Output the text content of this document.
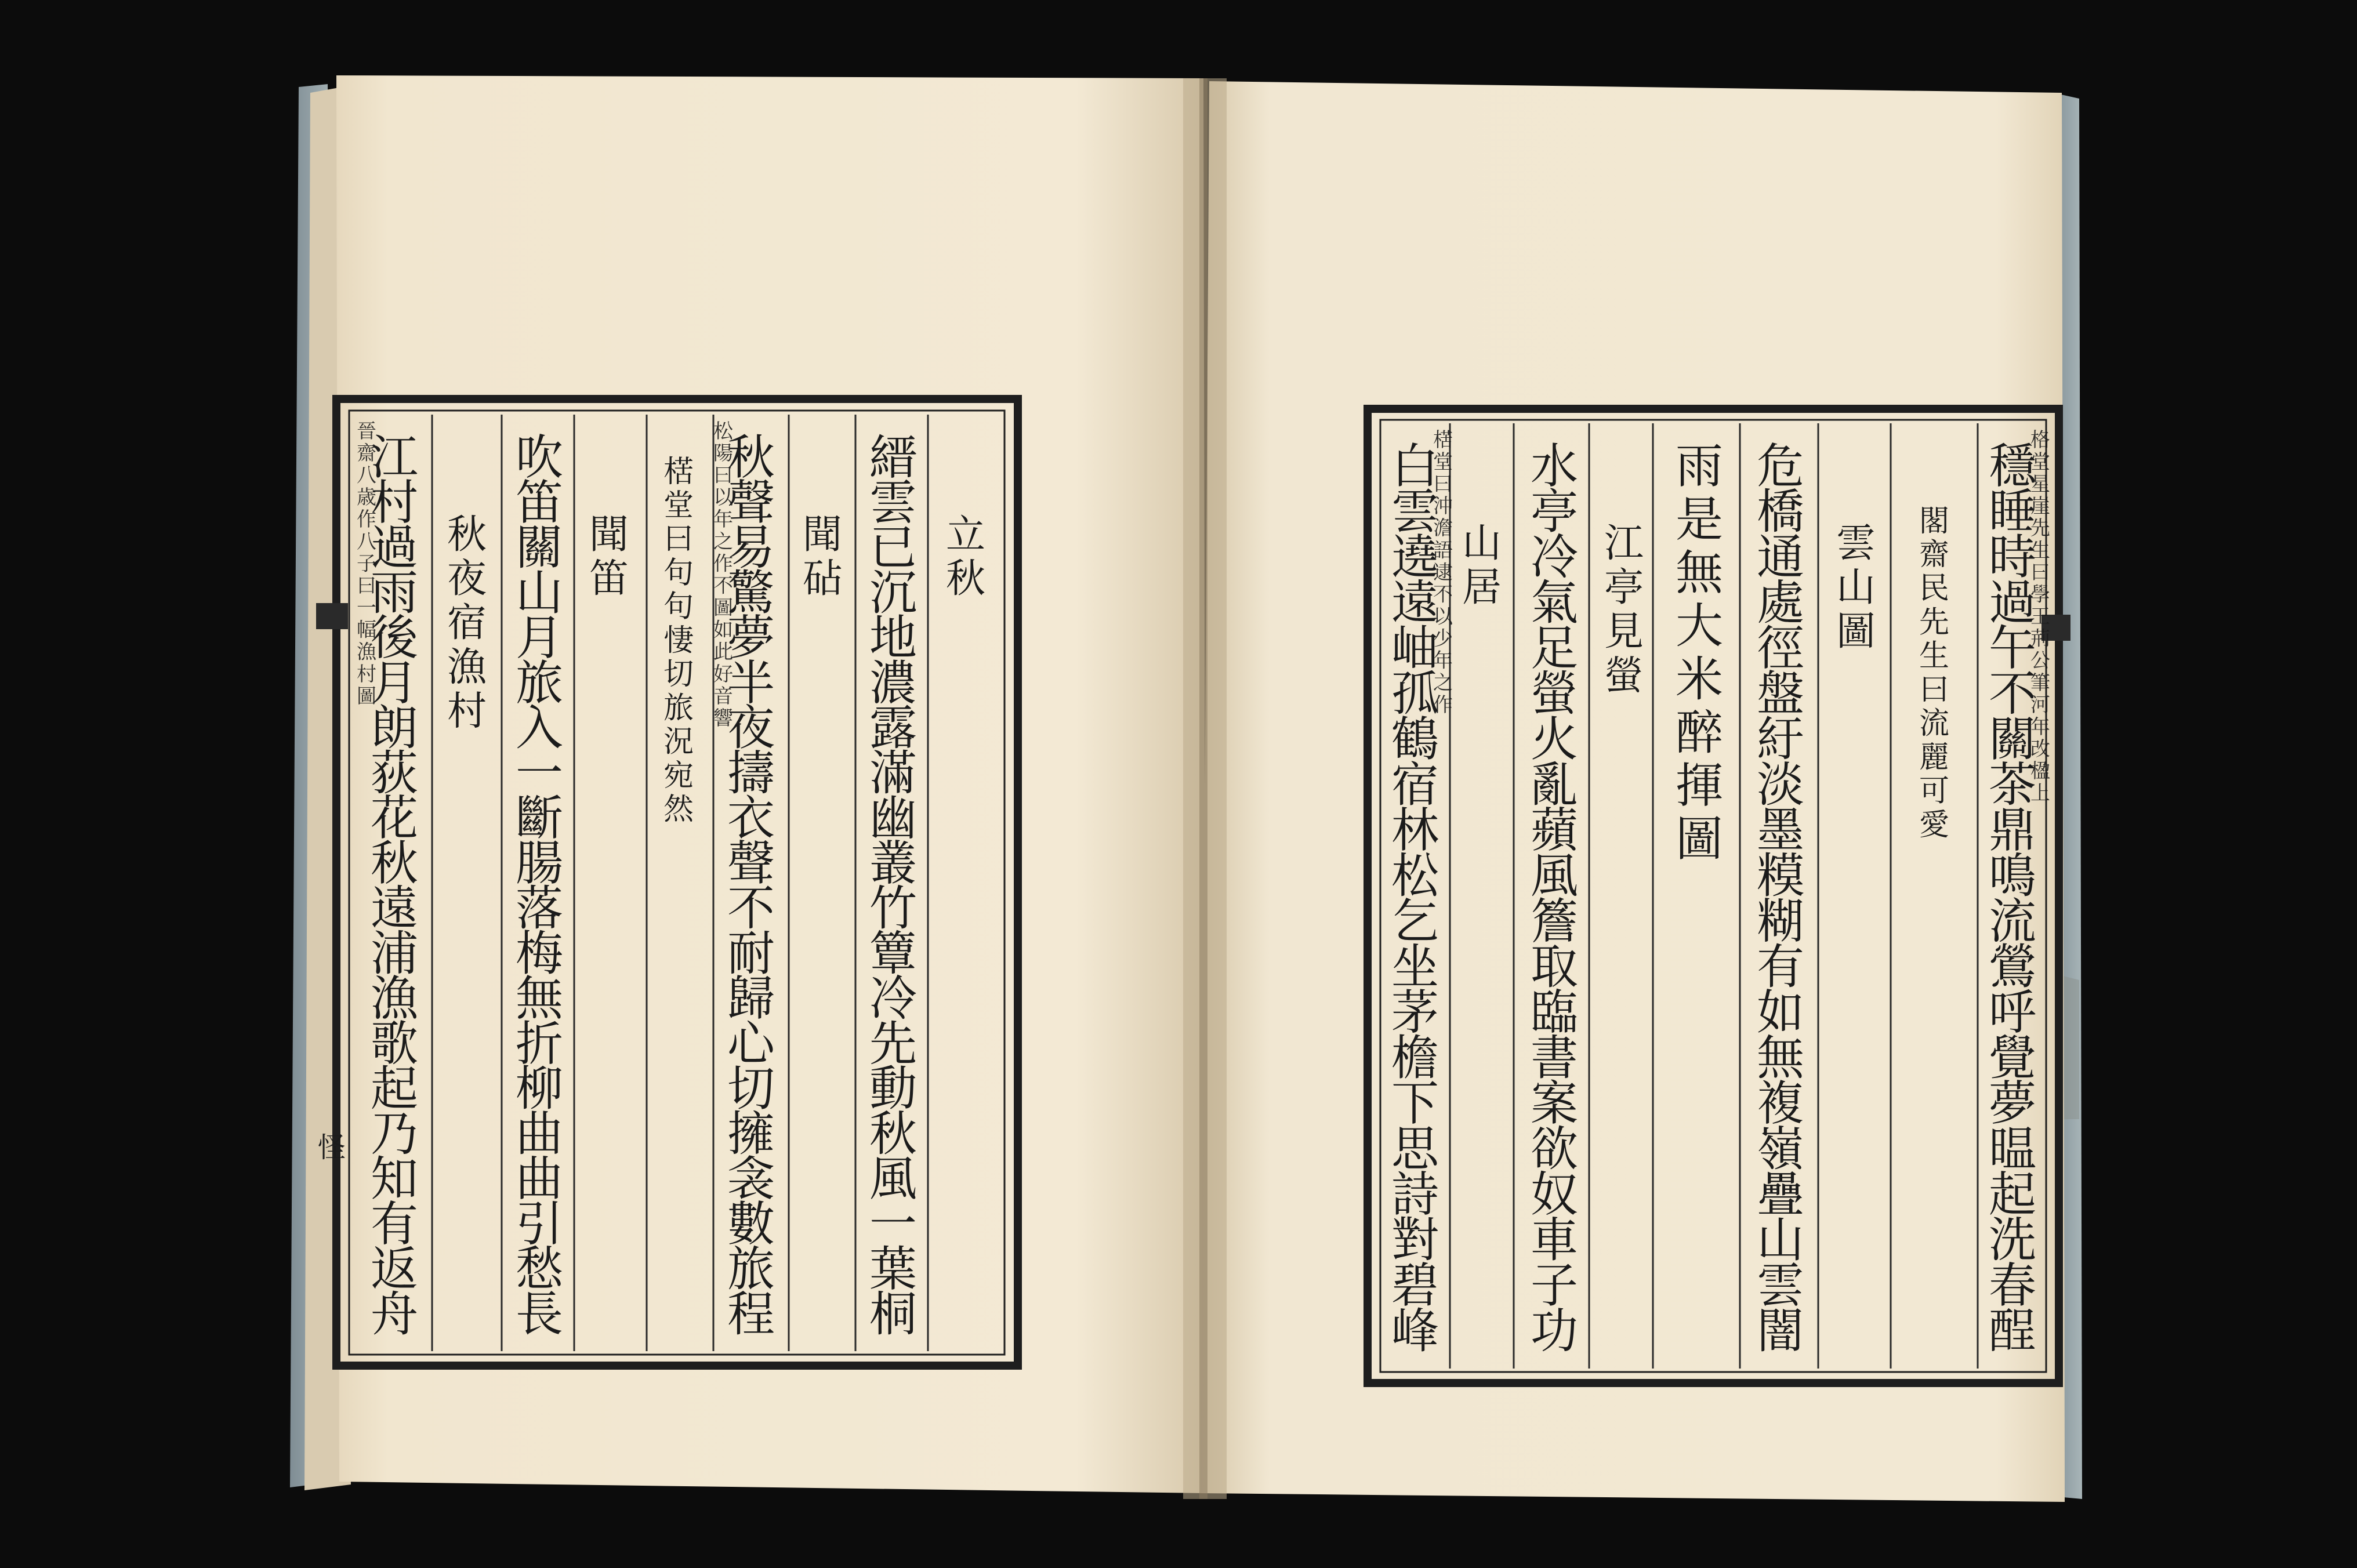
怪
穩
睡
時
過
午
不
關
茶
鼎
鳴
流
鶯
呼
覺
夢
㬈
起
洗
春
酲
格
堂
星
崖
先
生
曰
學
王
荊
公
筆
河
年
改
楹
上
閣
齋
民
先
生
曰
流
麗
可
愛
雲
山
圖
危
橋
通
處
徑
盤
紆
淡
墨
糢
糊
有
如
無
複
嶺
疊
山
雲
闇
雨
是
無
大
米
醉
揮
圖
江
亭
見
螢
水
亭
冷
氣
足
螢
火
亂
蘋
風
簷
取
臨
書
案
欲
奴
車
子
功
山
居
白
雲
遶
遠
岫
孤
鶴
宿
林
松
乞
坐
茅
檐
下
思
詩
對
碧
峰
楛
堂
曰
沖
澹
語
逮
不
以
少
年
之
作
立
秋
縉
雲
已
沉
地
濃
露
滿
幽
叢
竹
簟
冷
先
動
秋
風
一
葉
桐
聞
砧
秋
聲
易
驚
夢
半
夜
擣
衣
聲
不
耐
歸
心
切
擁
衾
數
旅
程
松
陽
曰
以
年
之
作
不
圖
如
此
好
音
響
楛
堂
曰
句
句
悽
切
旅
況
宛
然
聞
笛
吹
笛
關
山
月
旅
入
一
斷
腸
落
梅
無
折
柳
曲
曲
引
愁
長
秋
夜
宿
漁
村
江
村
過
雨
後
月
朗
荻
花
秋
遠
浦
漁
歌
起
乃
知
有
返
舟
晉
齋
八
歳
作
八
子
曰
一
幅
漁
村
圖
